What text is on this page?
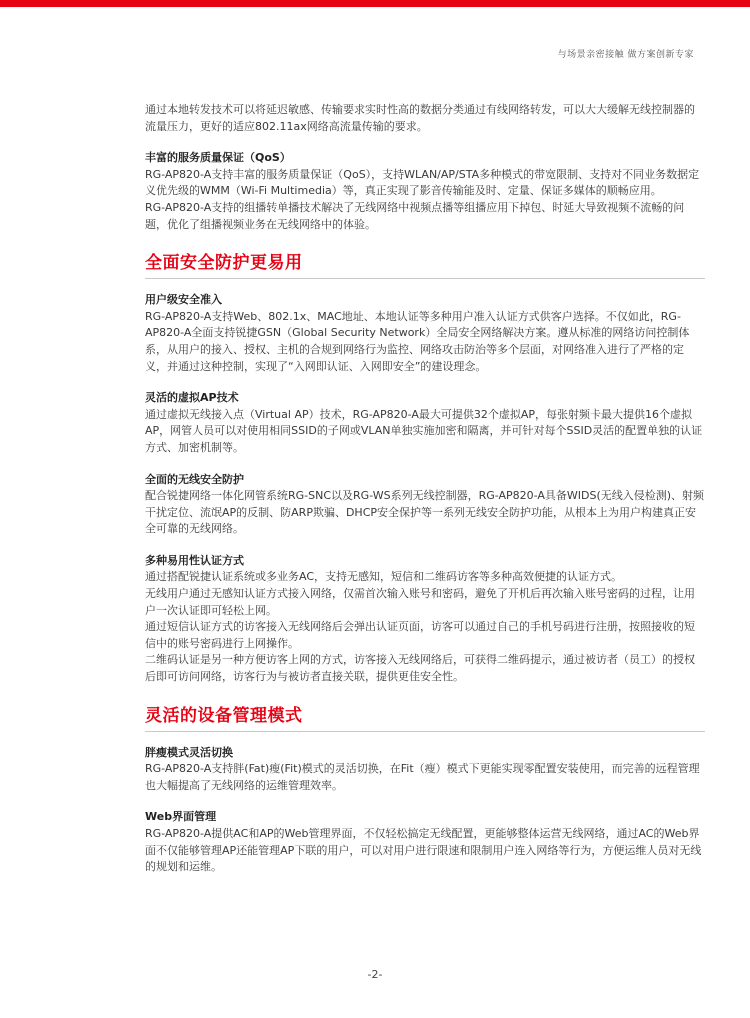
与场景亲密接触 做方案创新专家

通过本地转发技术可以将延迟敏感、传输要求实时性高的数据分类通过有线网络转发，可以大大缓解无线控制器的流量压力，更好的适应802.11ax网络高流量传输的要求。

丰富的服务质量保证（QoS）

RG-AP820-A支持丰富的服务质量保证（QoS），支持WLAN/AP/STA多种模式的带宽限制、支持对不同业务数据定义优先级的WMM（Wi-Fi Multimedia）等，真正实现了影音传输能及时、定量、保证多媒体的顺畅应用。

RG-AP820-A支持的组播转单播技术解决了无线网络中视频点播等组播应用下掉包、时延大导致视频不流畅的问题，优化了组播视频业务在无线网络中的体验。

全面安全防护更易用
用户级安全准入

RG-AP820-A支持Web、802.1x、MAC地址、本地认证等多种用户准入认证方式供客户选择。不仅如此，RG-AP820-A全面支持锐捷GSN（Global Security Network）全局安全网络解决方案。遵从标准的网络访问控制体系，从用户的接入、授权、主机的合规到网络行为监控、网络攻击防治等多个层面，对网络准入进行了严格的定义，并通过这种控制，实现了“入网即认证、入网即安全”的建设理念。

灵活的虚拟AP技术

通过虚拟无线接入点（Virtual AP）技术，RG-AP820-A最大可提供32个虚拟AP，每张射频卡最大提供16个虚拟AP，网管人员可以对使用相同SSID的子网或VLAN单独实施加密和隔离，并可针对每个SSID灵活的配置单独的认证方式、加密机制等。

全面的无线安全防护

配合锐捷网络一体化网管系统RG-SNC以及RG-WS系列无线控制器，RG-AP820-A具备WIDS(无线入侵检测)、射频干扰定位、流氓AP的反制、防ARP欺骗、DHCP安全保护等一系列无线安全防护功能，从根本上为用户构建真正安全可靠的无线网络。

多种易用性认证方式

通过搭配锐捷认证系统或多业务AC，支持无感知，短信和二维码访客等多种高效便捷的认证方式。

无线用户通过无感知认证方式接入网络，仅需首次输入账号和密码，避免了开机后再次输入账号密码的过程，让用户一次认证即可轻松上网。

通过短信认证方式的访客接入无线网络后会弹出认证页面，访客可以通过自己的手机号码进行注册，按照接收的短信中的账号密码进行上网操作。

二维码认证是另一种方便访客上网的方式，访客接入无线网络后，可获得二维码提示，通过被访者（员工）的授权后即可访问网络，访客行为与被访者直接关联，提供更佳安全性。

灵活的设备管理模式
胖瘦模式灵活切换

RG-AP820-A支持胖(Fat)瘦(Fit)模式的灵活切换，在Fit（瘦）模式下更能实现零配置安装使用，而完善的远程管理也大幅提高了无线网络的运维管理效率。

Web界面管理

RG-AP820-A提供AC和AP的Web管理界面，不仅轻松搞定无线配置，更能够整体运营无线网络，通过AC的Web界面不仅能够管理AP还能管理AP下联的用户，可以对用户进行限速和限制用户连入网络等行为，方便运维人员对无线的规划和运维。

-2-
